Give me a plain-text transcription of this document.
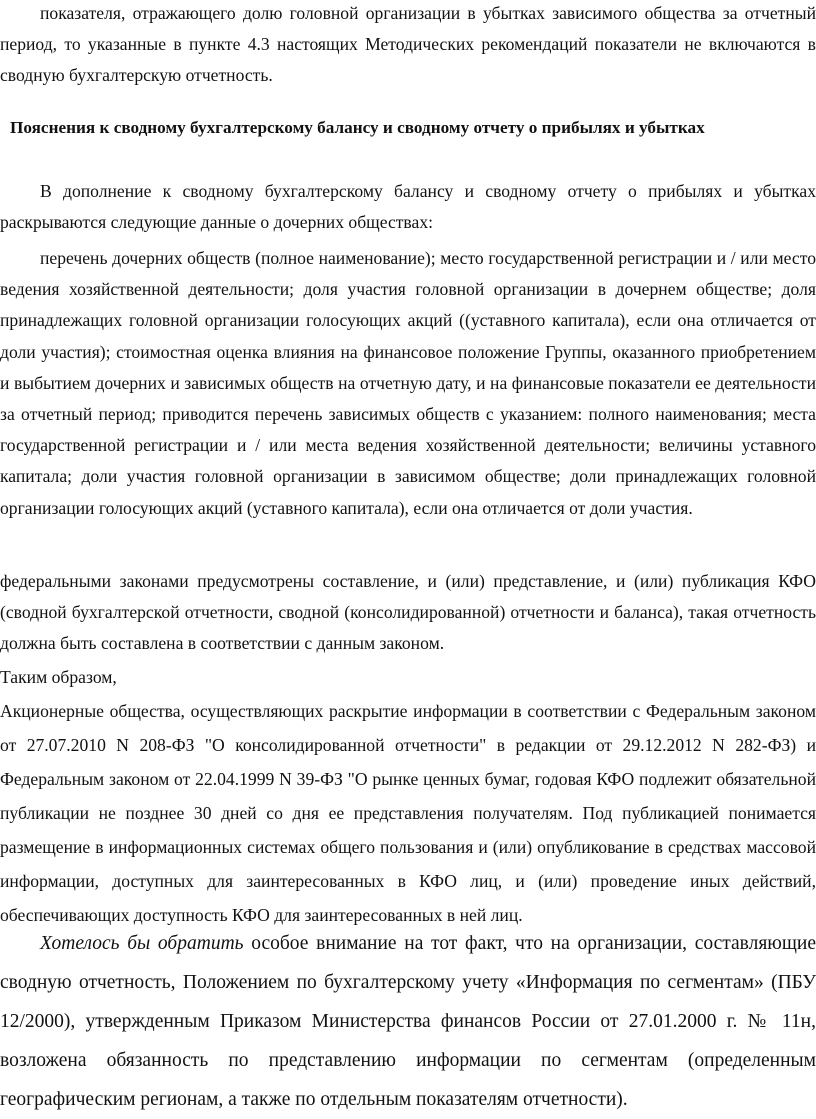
показателя, отражающего долю головной организации в убытках зависимого общества за отчетный период, то указанные в пункте 4.3 настоящих Методических рекомендаций показатели не включаются в сводную бухгалтерскую отчетность.

Пояснения к сводному бухгалтерскому балансу и сводному отчету о прибылях и убытках

В дополнение к сводному бухгалтерскому балансу и сводному отчету о прибылях и убытках раскрываются следующие данные о дочерних обществах:

перечень дочерних обществ (полное наименование); место государственной регистрации и / или место ведения хозяйственной деятельности; доля участия головной организации в дочернем обществе; доля принадлежащих головной организации голосующих акций ((уставного капитала), если она отличается от доли участия); стоимостная оценка влияния на финансовое положение Группы, оказанного приобретением и выбытием дочерних и зависимых обществ на отчетную дату, и на финансовые показатели ее деятельности за отчетный период; приводится перечень зависимых обществ с указанием: полного наименования; места государственной регистрации и / или места ведения хозяйственной деятельности; величины уставного капитала; доли участия головной организации в зависимом обществе; доли принадлежащих головной организации голосующих акций (уставного капитала), если она отличается от доли участия.

федеральными законами предусмотрены составление, и (или) представление, и (или) публикация КФО (сводной бухгалтерской отчетности, сводной (консолидированной) отчетности и баланса), такая отчетность должна быть составлена в соответствии с данным законом.

Таким образом,

Акционерные общества, осуществляющих раскрытие информации в соответствии с Федеральным законом от 27.07.2010 N 208-ФЗ "О консолидированной отчетности" в редакции от 29.12.2012 N 282-ФЗ) и Федеральным законом от 22.04.1999 N 39-ФЗ "О рынке ценных бумаг, годовая КФО подлежит обязательной публикации не позднее 30 дней со дня ее представления получателям. Под публикацией понимается размещение в информационных системах общего пользования и (или) опубликование в средствах массовой информации, доступных для заинтересованных в КФО лиц, и (или) проведение иных действий, обеспечивающих доступность КФО для заинтересованных в ней лиц.

Хотелось бы обратить особое внимание на тот факт, что на организации, составляющие сводную отчетность, Положением по бухгалтерскому учету «Информация по сегментам» (ПБУ 12/2000), утвержденным Приказом Министерства финансов России от 27.01.2000 г. № 11н, возложена обязанность по представлению информации по сегментам (определенным географическим регионам, а также по отдельным показателям отчетности).
